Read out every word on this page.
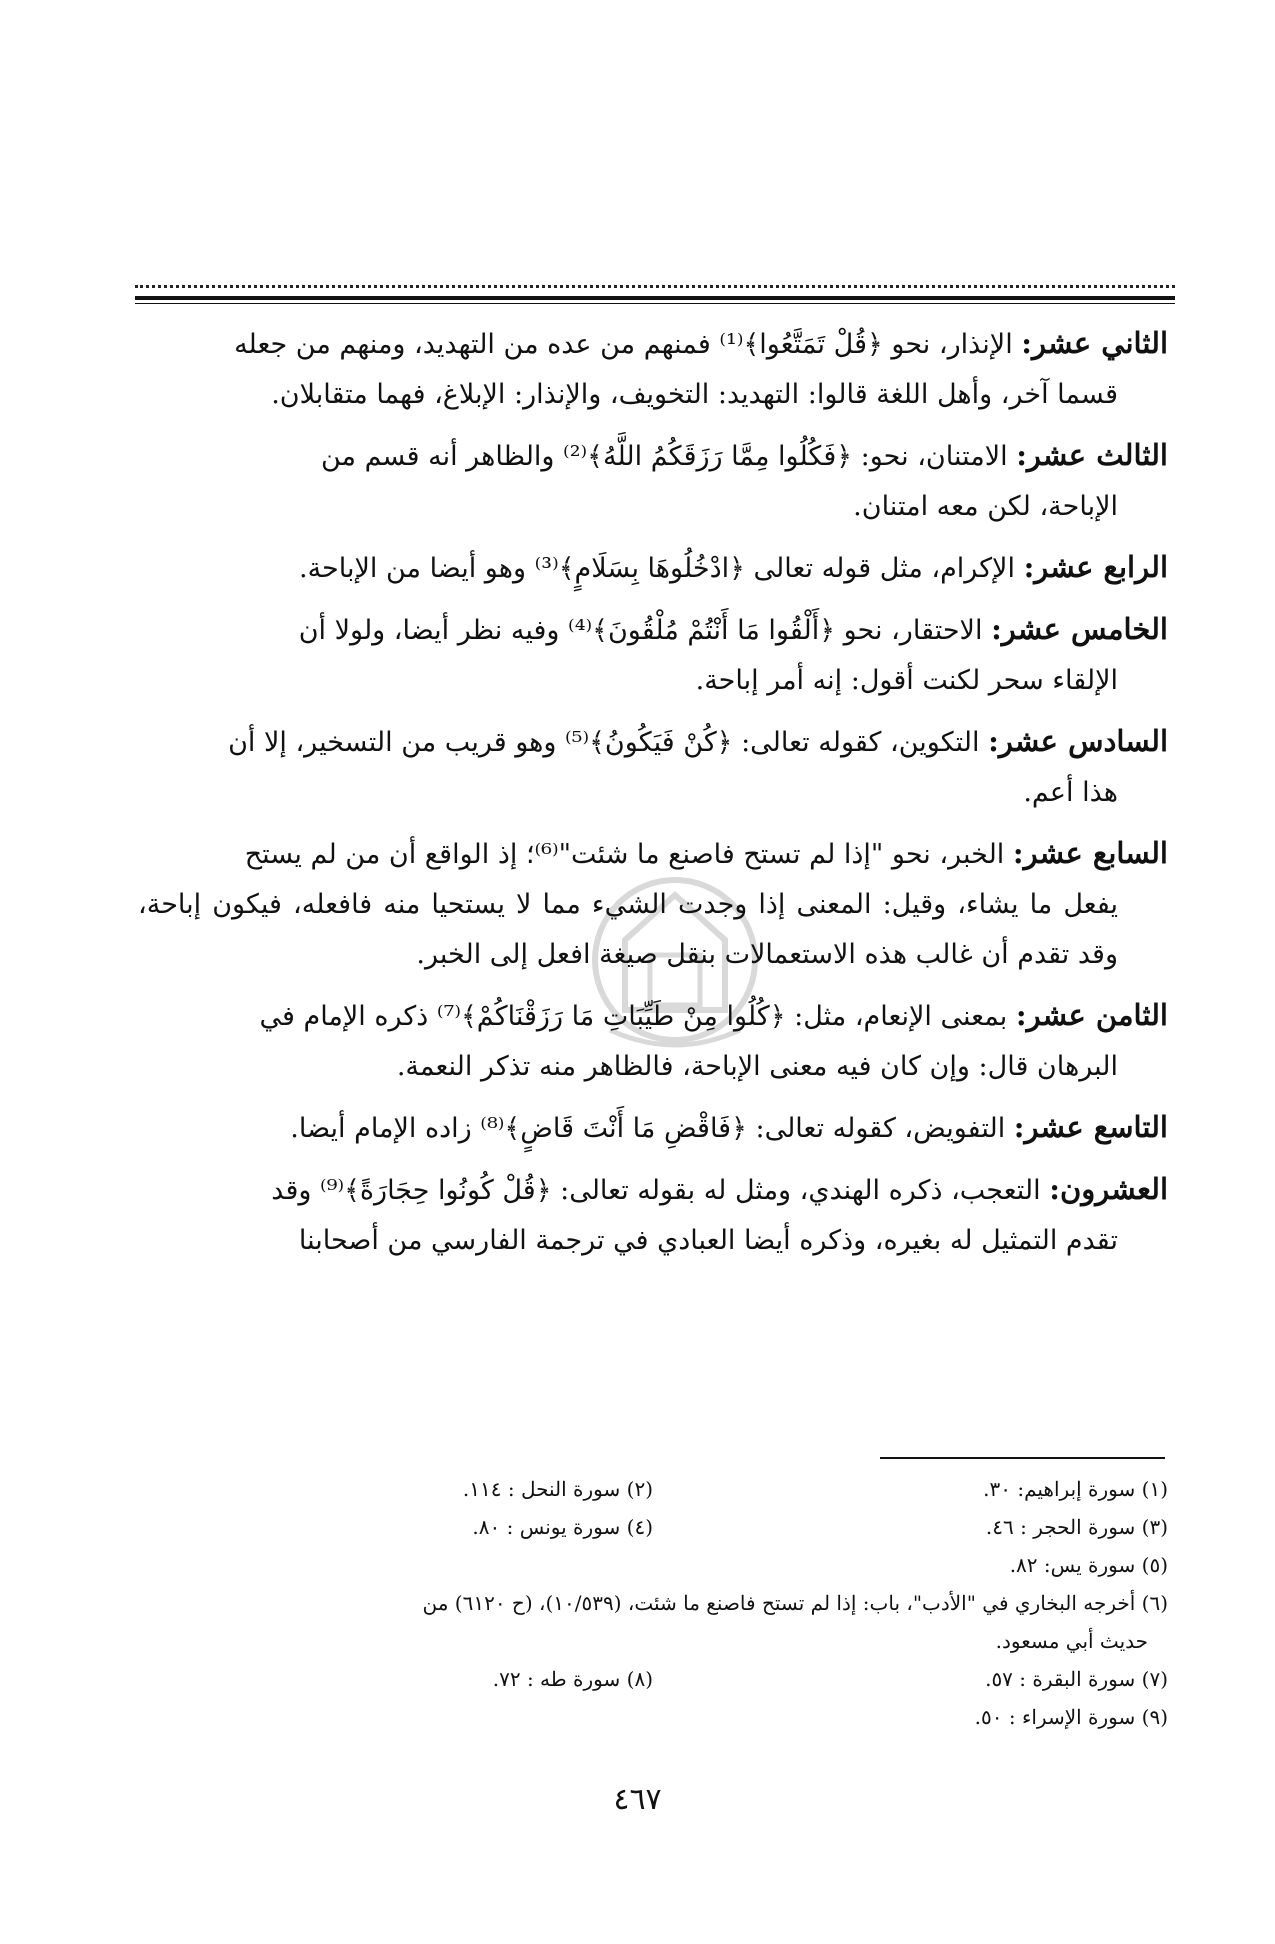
الثاني عشر: الإنذار، نحو ﴿قُلْ تَمَتَّعُوا﴾⁽¹⁾ فمنهم من عده من التهديد، ومنهم من جعله
قسما آخر، وأهل اللغة قالوا: التهديد: التخويف، والإنذار: الإبلاغ، فهما متقابلان.

الثالث عشر: الامتنان، نحو: ﴿فَكُلُوا مِمَّا رَزَقَكُمُ اللَّهُ﴾⁽²⁾ والظاهر أنه قسم من
الإباحة، لكن معه امتنان.

الرابع عشر: الإكرام، مثل قوله تعالى ﴿ادْخُلُوهَا بِسَلَامٍ﴾⁽³⁾ وهو أيضا من الإباحة.

الخامس عشر: الاحتقار، نحو ﴿أَلْقُوا مَا أَنْتُمْ مُلْقُونَ﴾⁽⁴⁾ وفيه نظر أيضا، ولولا أن
الإلقاء سحر لكنت أقول: إنه أمر إباحة.

السادس عشر: التكوين، كقوله تعالى: ﴿كُنْ فَيَكُونُ﴾⁽⁵⁾ وهو قريب من التسخير، إلا أن
هذا أعم.

السابع عشر: الخبر، نحو "إذا لم تستح فاصنع ما شئت"⁽⁶⁾؛ إذ الواقع أن من لم يستح
يفعل ما يشاء، وقيل: المعنى إذا وجدت الشيء مما لا يستحيا منه فافعله، فيكون إباحة، وقد تقدم أن غالب هذه الاستعمالات بنقل صيغة افعل إلى الخبر.

الثامن عشر: بمعنى الإنعام، مثل: ﴿كُلُوا مِنْ طَيِّبَاتِ مَا رَزَقْنَاكُمْ﴾⁽⁷⁾ ذكره الإمام في
البرهان قال: وإن كان فيه معنى الإباحة، فالظاهر منه تذكر النعمة.

التاسع عشر: التفويض، كقوله تعالى: ﴿فَاقْضِ مَا أَنْتَ قَاضٍ﴾⁽⁸⁾ زاده الإمام أيضا.

العشرون: التعجب، ذكره الهندي، ومثل له بقوله تعالى: ﴿قُلْ كُونُوا حِجَارَةً﴾⁽⁹⁾ وقد
تقدم التمثيل له بغيره، وذكره أيضا العبادي في ترجمة الفارسي من أصحابنا

(١) سورة إبراهيم: ٣٠.
(٢) سورة النحل : ١١٤.
(٣) سورة الحجر : ٤٦.
(٤) سورة يونس : ٨٠.
(٥) سورة يس: ٨٢.
(٦) أخرجه البخاري في "الأدب"، باب: إذا لم تستح فاصنع ما شئت، (١٠/٥٣٩)، (ح ٦١٢٠) من
حديث أبي مسعود.
(٧) سورة البقرة : ٥٧.
(٨) سورة طه : ٧٢.
(٩) سورة الإسراء : ٥٠.
٤٦٧
